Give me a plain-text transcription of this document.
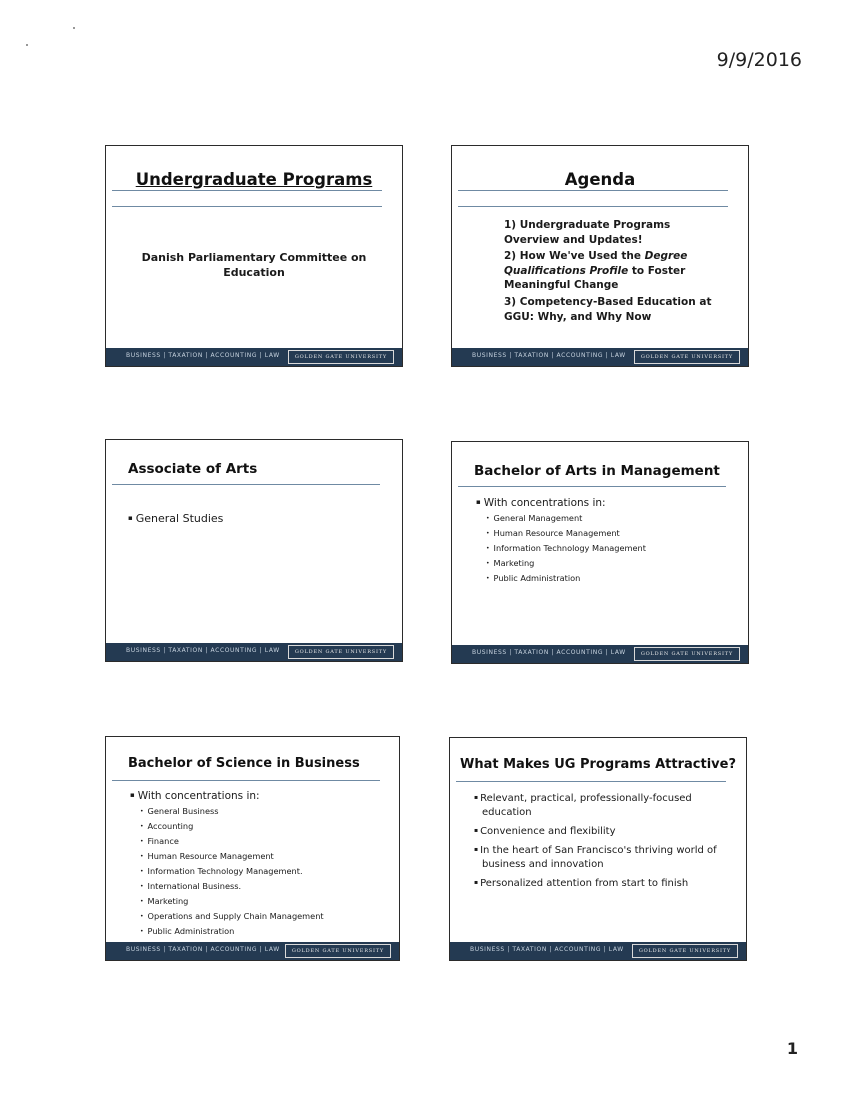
9/9/2016
Undergraduate Programs
Danish Parliamentary Committee on
Education
BUSINESS | TAXATION | ACCOUNTING | LAW	GOLDEN GATE UNIVERSITY
Agenda
1) Undergraduate Programs Overview and Updates!
2) How We've Used the Degree Qualifications Profile to Foster Meaningful Change
3) Competency-Based Education at GGU: Why, and Why Now
BUSINESS | TAXATION | ACCOUNTING | LAW	GOLDEN GATE UNIVERSITY
Associate of Arts
▪ General Studies
BUSINESS | TAXATION | ACCOUNTING | LAW	GOLDEN GATE UNIVERSITY
Bachelor of Arts in Management
▪ With concentrations in:
• General Management
• Human Resource Management
• Information Technology Management
• Marketing
• Public Administration
BUSINESS | TAXATION | ACCOUNTING | LAW	GOLDEN GATE UNIVERSITY
Bachelor of Science in Business
▪ With concentrations in:
• General Business
• Accounting
• Finance
• Human Resource Management
• Information Technology Management.
• International Business.
• Marketing
• Operations and Supply Chain Management
• Public Administration
BUSINESS | TAXATION | ACCOUNTING | LAW	GOLDEN GATE UNIVERSITY
What Makes UG Programs Attractive?
▪ Relevant, practical, professionally-focused education
▪ Convenience and flexibility
▪ In the heart of San Francisco's thriving world of business and innovation
▪ Personalized attention from start to finish
BUSINESS | TAXATION | ACCOUNTING | LAW	GOLDEN GATE UNIVERSITY
1
